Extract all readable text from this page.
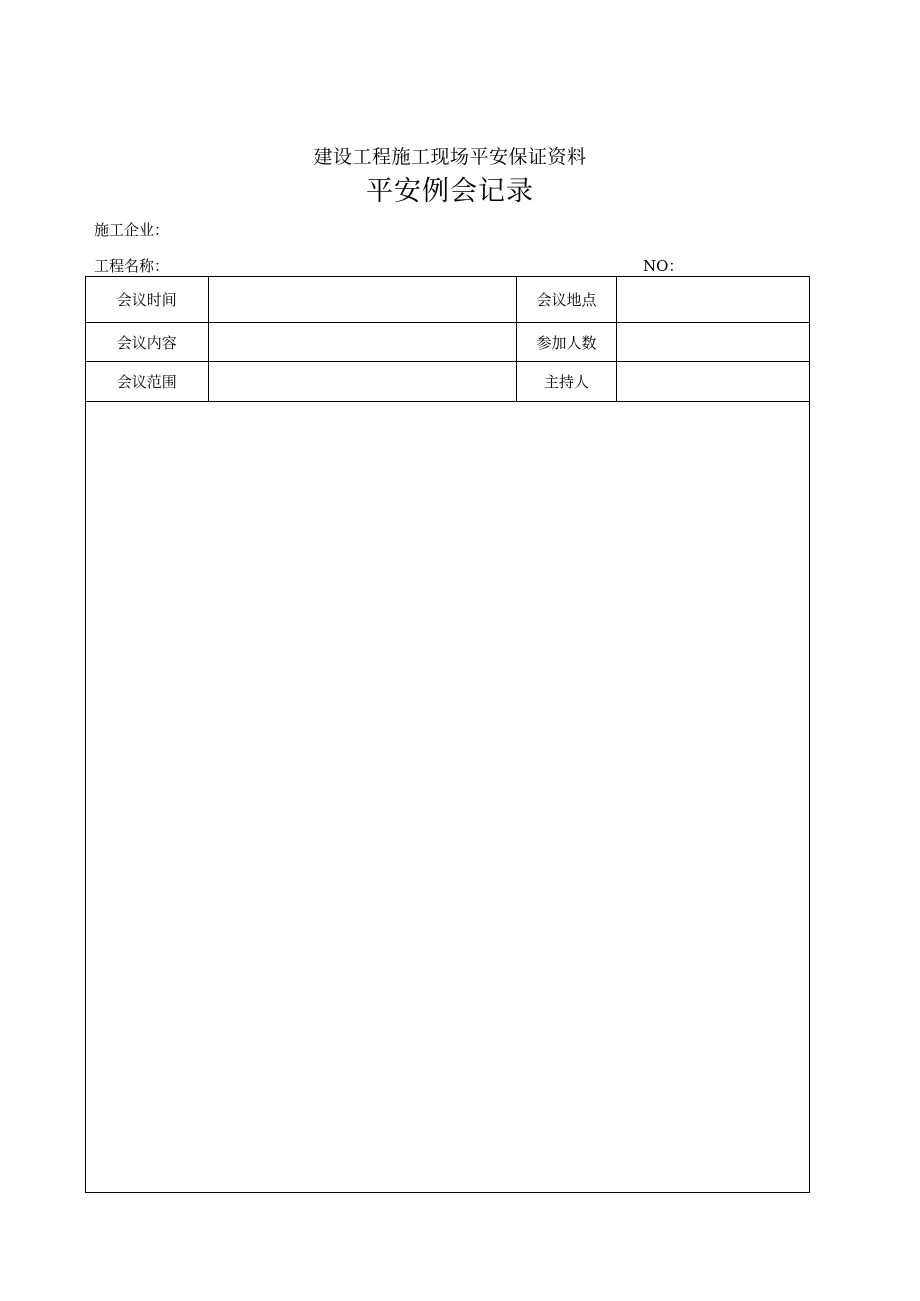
建设工程施工现场平安保证资料
平安例会记录
施工企业：
工程名称：	NO：
会议时间		会议地点	
会议内容		参加人数	
会议范围		主持人	
